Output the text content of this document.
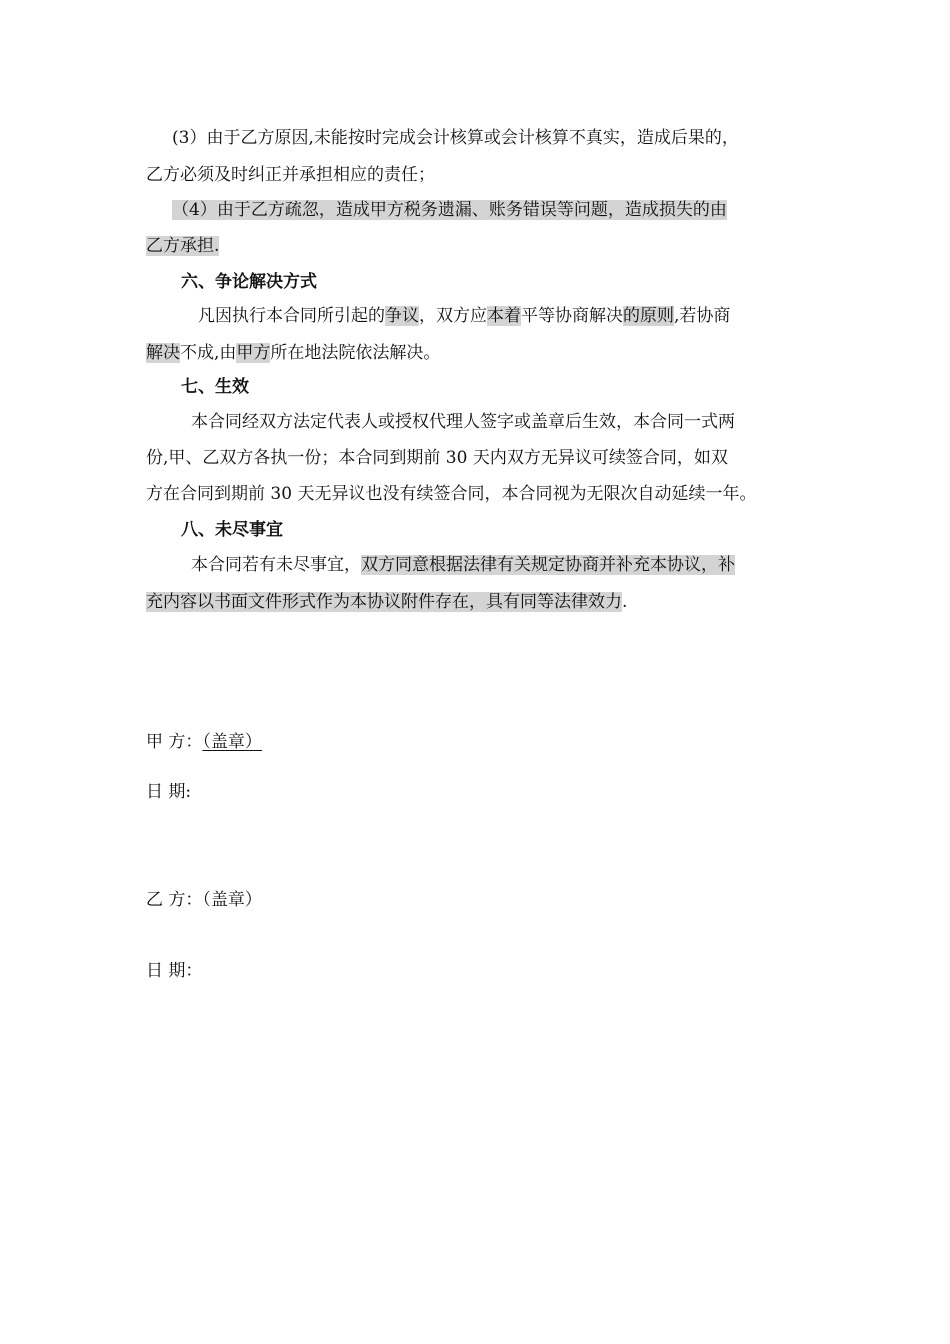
(3）由于乙方原因,未能按时完成会计核算或会计核算不真实，造成后果的，
乙方必须及时纠正并承担相应的责任；
（4）由于乙方疏忽，造成甲方税务遗漏、账务错误等问题，造成损失的由
乙方承担.
六、争论解决方式
凡因执行本合同所引起的争议，双方应本着平等协商解决的原则,若协商
解决不成,由甲方所在地法院依法解决。
七、生效
本合同经双方法定代表人或授权代理人签字或盖章后生效，本合同一式两
份,甲、乙双方各执一份；本合同到期前 30 天内双方无异议可续签合同，如双
方在合同到期前 30 天无异议也没有续签合同，本合同视为无限次自动延续一年。
八、未尽事宜
本合同若有未尽事宜，双方同意根据法律有关规定协商并补充本协议，补
充内容以书面文件形式作为本协议附件存在，具有同等法律效力.
甲 方：（盖章）
日 期:
乙 方：（盖章）
日 期：
